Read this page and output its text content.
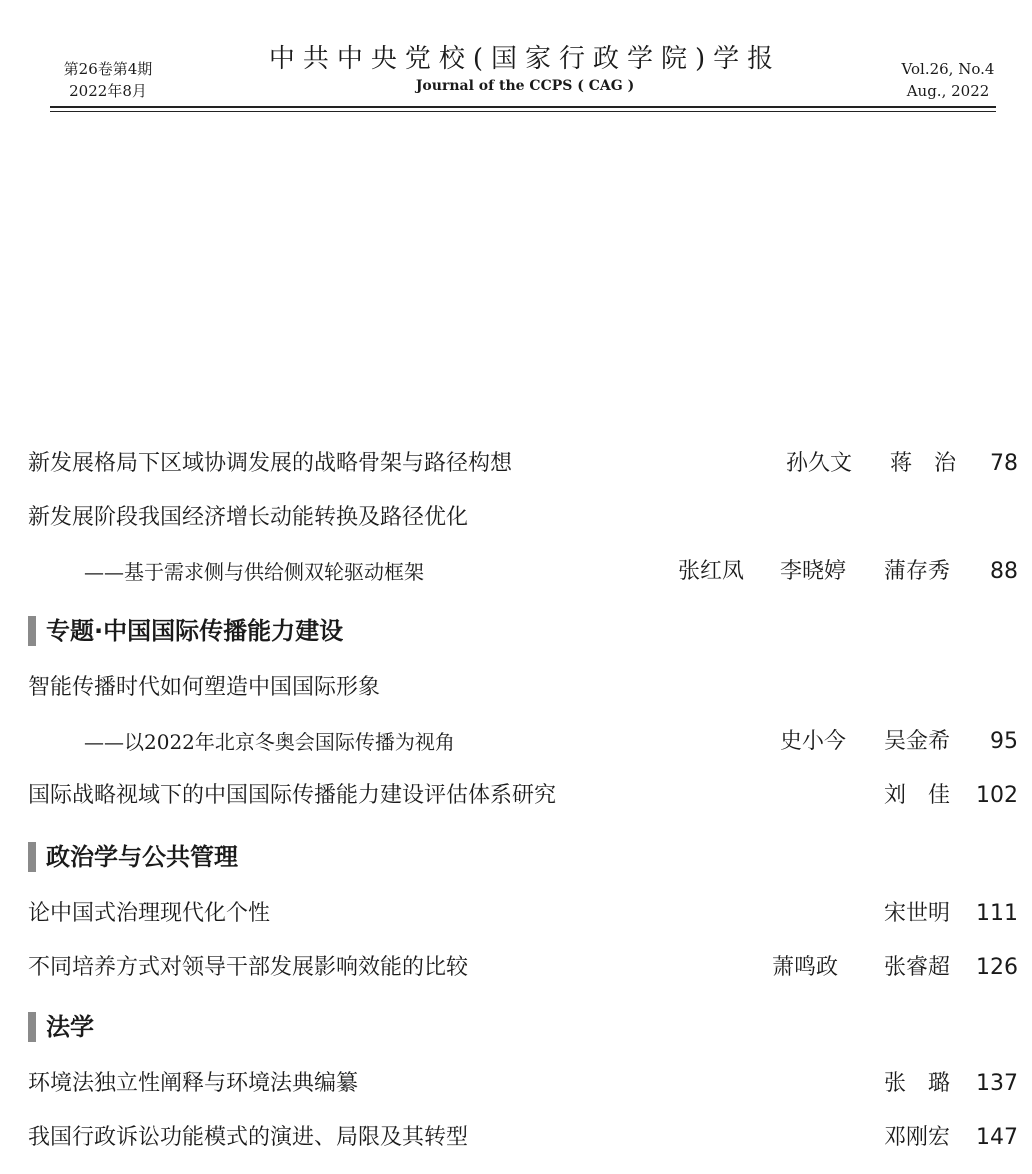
第26卷第4期
2022年8月
中共中央党校(国家行政学院)学报
Journal of the CCPS ( CAG )
Vol.26, No.4
Aug., 2022
新发展格局下区域协调发展的战略骨架与路径构想	孙久文 蒋　治	78
新发展阶段我国经济增长动能转换及路径优化
——基于需求侧与供给侧双轮驱动框架	张红凤 李晓婷 蒲存秀	88
专题·中国国际传播能力建设
智能传播时代如何塑造中国国际形象
——以2022年北京冬奥会国际传播为视角	史小今 吴金希	95
国际战略视域下的中国国际传播能力建设评估体系研究	刘　佳	102
政治学与公共管理
论中国式治理现代化个性	宋世明	111
不同培养方式对领导干部发展影响效能的比较	萧鸣政 张睿超	126
法学
环境法独立性阐释与环境法典编纂	张　璐	137
我国行政诉讼功能模式的演进、局限及其转型	邓刚宏	147
